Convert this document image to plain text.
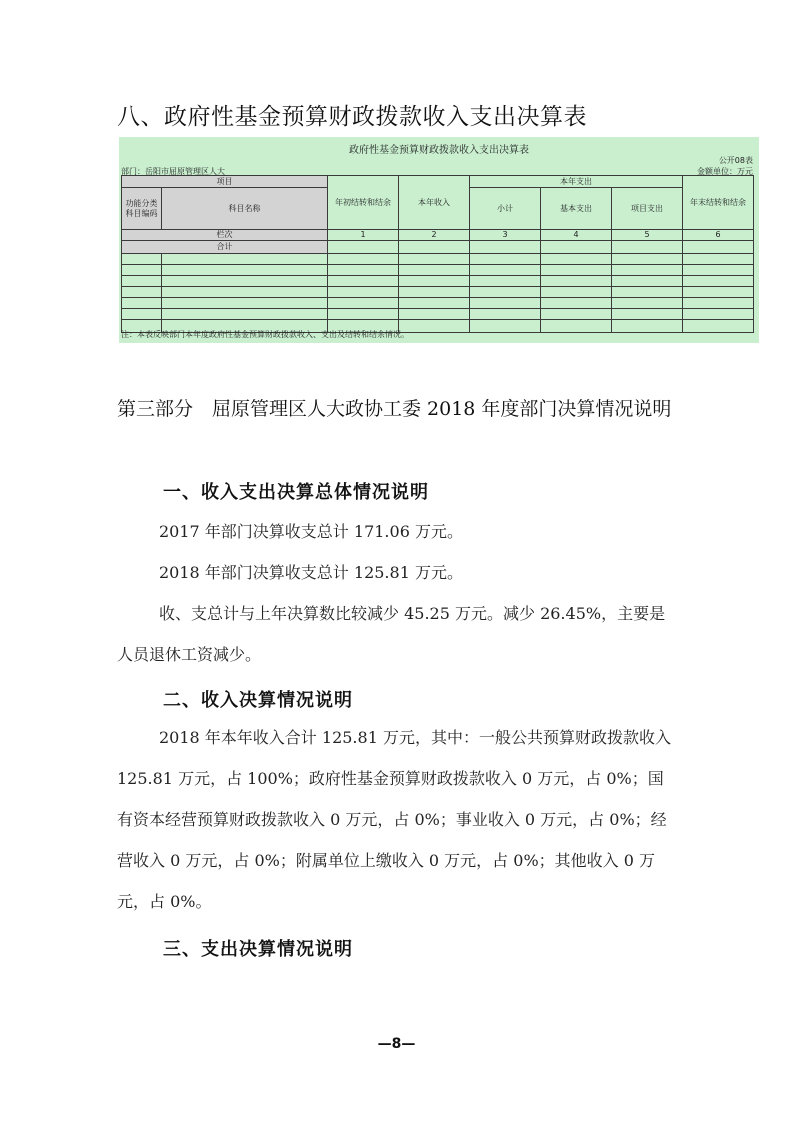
八、政府性基金预算财政拨款收入支出决算表
政府性基金预算财政拨款收入支出决算表
公开08表
部门：岳阳市屈原管理区人大	金额单位：万元
项目		年初结转和结余	本年收入	本年支出			年末结转和结余
功能分类科目编码	科目名称			小计	基本支出	项目支出	
栏次		1	2	3	4	5	6
合计							

注：本表反映部门本年度政府性基金预算财政拨款收入、支出及结转和结余情况。
第三部分　屈原管理区人大政协工委 2018 年度部门决算情况说明
一、收入支出决算总体情况说明

2017 年部门决算收支总计 171.06 万元。

2018 年部门决算收支总计 125.81 万元。

收、支总计与上年决算数比较减少 45.25 万元。减少 26.45%，主要是人员退休工资减少。

二、收入决算情况说明

2018 年本年收入合计 125.81 万元，其中：一般公共预算财政拨款收入 125.81 万元，占 100%；政府性基金预算财政拨款收入 0 万元，占 0%；国有资本经营预算财政拨款收入 0 万元，占 0%；事业收入 0 万元，占 0%；经营收入 0 万元，占 0%；附属单位上缴收入 0 万元，占 0%；其他收入 0 万元，占 0%。

三、支出决算情况说明
—8—
